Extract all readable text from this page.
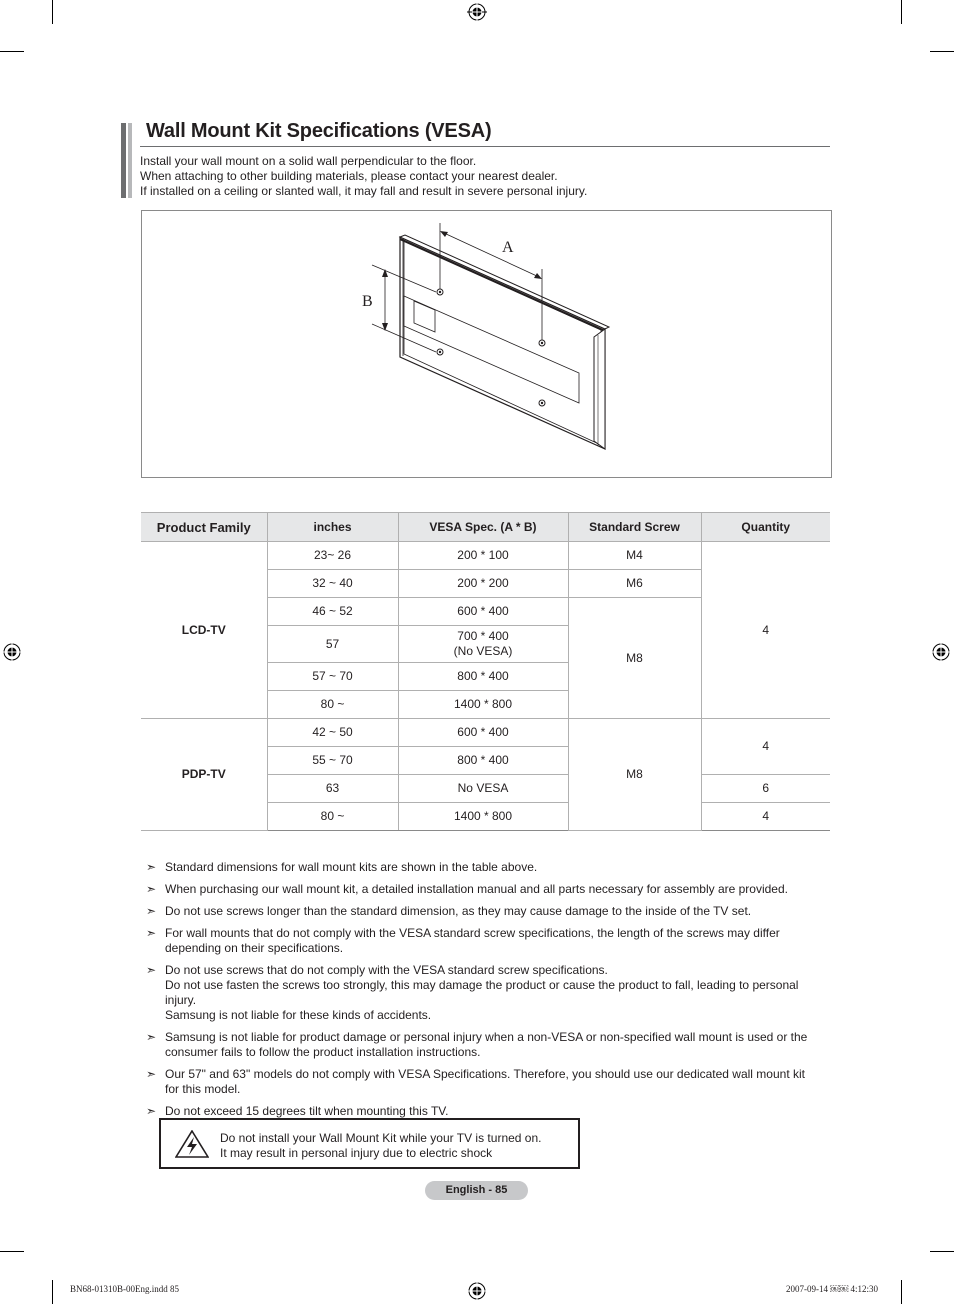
Wall Mount Kit Specifications (VESA)
Install your wall mount on a solid wall perpendicular to the floor.
When attaching to other building materials, please contact your nearest dealer.
If installed on a ceiling or slanted wall, it may fall and result in severe personal injury.
A
B
Product Family	inches	VESA Spec. (A * B)	Standard Screw	Quantity
LCD-TV	23~ 26	200 * 100	M4	4
	32 ~ 40	200 * 200	M6	
	46 ~ 52	600 * 400	M8	
	57	700 * 400
(No VESA)		

	57 ~ 70	800 * 400		
	80 ~	1400 * 800		
PDP-TV	42 ~ 50	600 * 400	M8	4
	55 ~ 70	800 * 400		
	63	No VESA		6
	80 ~	1400 * 800		4
➣ Standard dimensions for wall mount kits are shown in the table above.
➣ When purchasing our wall mount kit, a detailed installation manual and all parts necessary for assembly are provided.
➣ Do not use screws longer than the standard dimension, as they may cause damage to the inside of the TV set.
➣ For wall mounts that do not comply with the VESA standard screw specifications, the length of the screws may differ
depending on their specifications.
➣ Do not use screws that do not comply with the VESA standard screw specifications.
Do not use fasten the screws too strongly, this may damage the product or cause the product to fall, leading to personal injury.
Samsung is not liable for these kinds of accidents.
➣ Samsung is not liable for product damage or personal injury when a non-VESA or non-specified wall mount is used or the
consumer fails to follow the product installation instructions.
➣ Our 57" and 63" models do not comply with VESA Specifications. Therefore, you should use our dedicated wall mount kit
for this model.
➣ Do not exceed 15 degrees tilt when mounting this TV.
Do not install your Wall Mount Kit while your TV is turned on.
It may result in personal injury due to electric shock
English - 85
BN68-01310B-00Eng.indd 85	2007-09-14 ￼￼ 4:12:30
